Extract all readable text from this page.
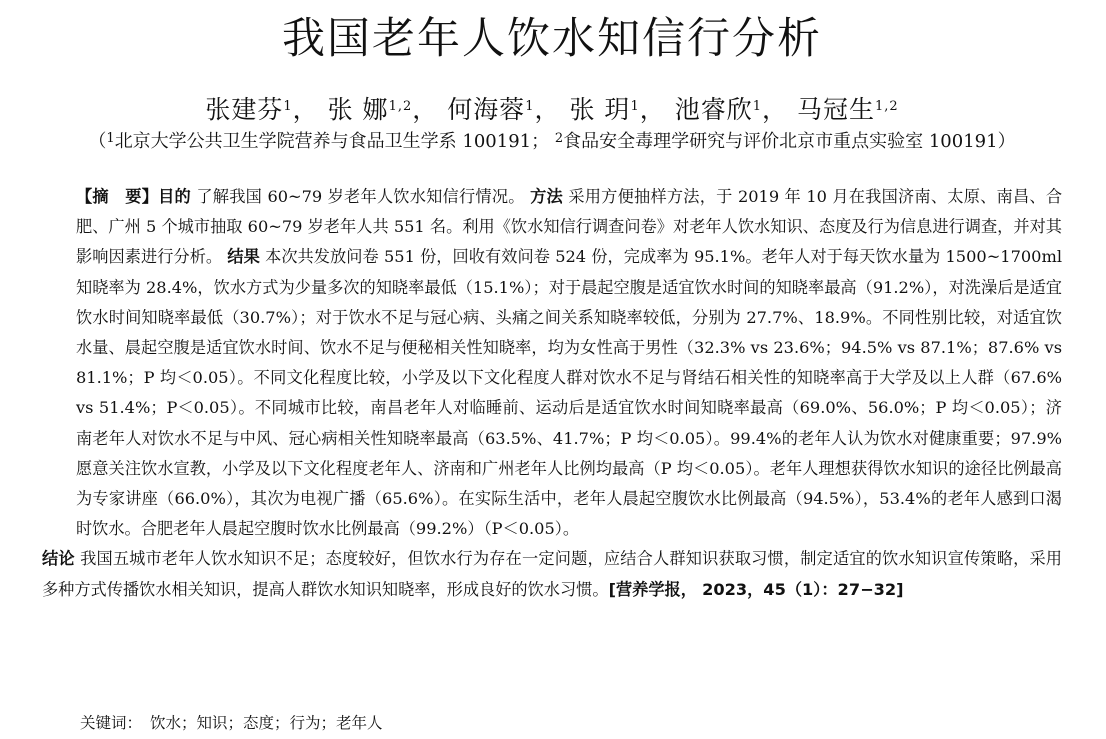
我国老年人饮水知信行分析
张建芬$^1$， 张 娜$^{1,2}$， 何海蓉$^1$， 张 玥$^1$， 池睿欣$^1$， 马冠生$^{1,2}$
（$^1$北京大学公共卫生学院营养与食品卫生学系 100191； $^2$食品安全毒理学研究与评价北京市重点实验室 100191）

【摘　要】目的 了解我国 60~79 岁老年人饮水知信行情况。 方法 采用方便抽样方法，于 2019 年 10 月在我国济南、太原、南昌、合肥、广州 5 个城市抽取 60~79 岁老年人共 551 名。利用《饮水知信行调查问卷》对老年人饮水知识、态度及行为信息进行调查，并对其影响因素进行分析。 结果 本次共发放问卷 551 份，回收有效问卷 524 份，完成率为 95.1%。老年人对于每天饮水量为 1500~1700ml 知晓率为 28.4%，饮水方式为少量多次的知晓率最低（15.1%）；对于晨起空腹是适宜饮水时间的知晓率最高（91.2%），对洗澡后是适宜饮水时间知晓率最低（30.7%）；对于饮水不足与冠心病、头痛之间关系知晓率较低，分别为 27.7%、18.9%。不同性别比较，对适宜饮水量、晨起空腹是适宜饮水时间、饮水不足与便秘相关性知晓率，均为女性高于男性（32.3% vs 23.6%；94.5% vs 87.1%；87.6% vs 81.1%；P 均＜0.05）。不同文化程度比较，小学及以下文化程度人群对饮水不足与肾结石相关性的知晓率高于大学及以上人群（67.6% vs 51.4%；P＜0.05）。不同城市比较，南昌老年人对临睡前、运动后是适宜饮水时间知晓率最高（69.0%、56.0%；P 均＜0.05）；济南老年人对饮水不足与中风、冠心病相关性知晓率最高（63.5%、41.7%；P 均＜0.05）。99.4%的老年人认为饮水对健康重要；97.9%愿意关注饮水宣教，小学及以下文化程度老年人、济南和广州老年人比例均最高（P 均＜0.05）。老年人理想获得饮水知识的途径比例最高为专家讲座（66.0%），其次为电视广播（65.6%）。在实际生活中，老年人晨起空腹饮水比例最高（94.5%），53.4%的老年人感到口渴时饮水。合肥老年人晨起空腹时饮水比例最高（99.2%）（P＜0.05）。

结论 我国五城市老年人饮水知识不足；态度较好，但饮水行为存在一定问题，应结合人群知识获取习惯，制定适宜的饮水知识宣传策略，采用多种方式传播饮水相关知识，提高人群饮水知识知晓率，形成良好的饮水习惯。[营养学报， 2023，45（1）：27−32]

关键词： 饮水；知识；态度；行为；老年人
